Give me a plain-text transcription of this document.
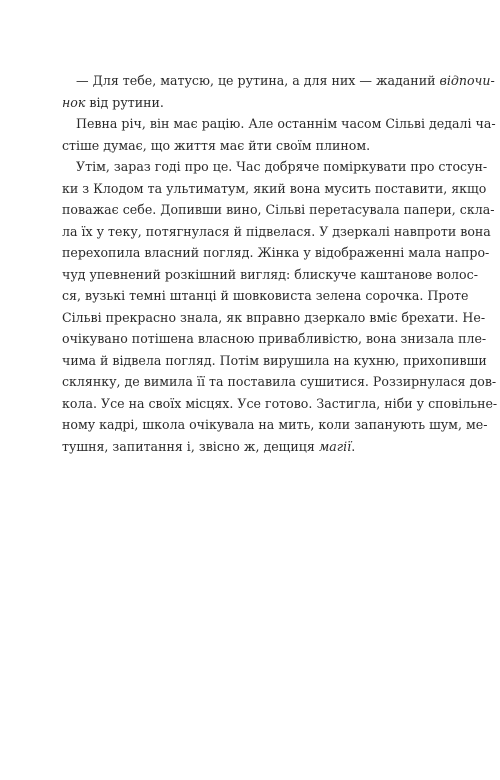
— Для тебе, матусю, це рутина, а для них — жаданий відпочи-
нок від рутини.
Певна річ, він має рацію. Але останнім часом Сільві дедалі ча-
стіше думає, що життя має йти своїм плином.
Утім, зараз годі про це. Час добряче поміркувати про стосун-
ки з Клодом та ультиматум, який вона мусить поставити, якщо
поважає себе. Допивши вино, Сільві перетасувала папери, скла-
ла їх у теку, потягнулася й підвелася. У дзеркалі навпроти вона
перехопила власний погляд. Жінка у відображенні мала напро-
чуд упевнений розкішний вигляд: блискуче каштанове волос-
ся, вузькі темні штанці й шовковиста зелена сорочка. Проте
Сільві прекрасно знала, як вправно дзеркало вміє брехати. Не-
очікувано потішена власною привабливістю, вона знизала пле-
чима й відвела погляд. Потім вирушила на кухню, прихопивши
склянку, де вимила її та поставила сушитися. Роззирнулася дов-
кола. Усе на своїх місцях. Усе готово. Застигла, ніби у сповільне-
ному кадрі, школа очікувала на мить, коли запанують шум, ме-
тушня, запитання і, звісно ж, дещиця магії.
